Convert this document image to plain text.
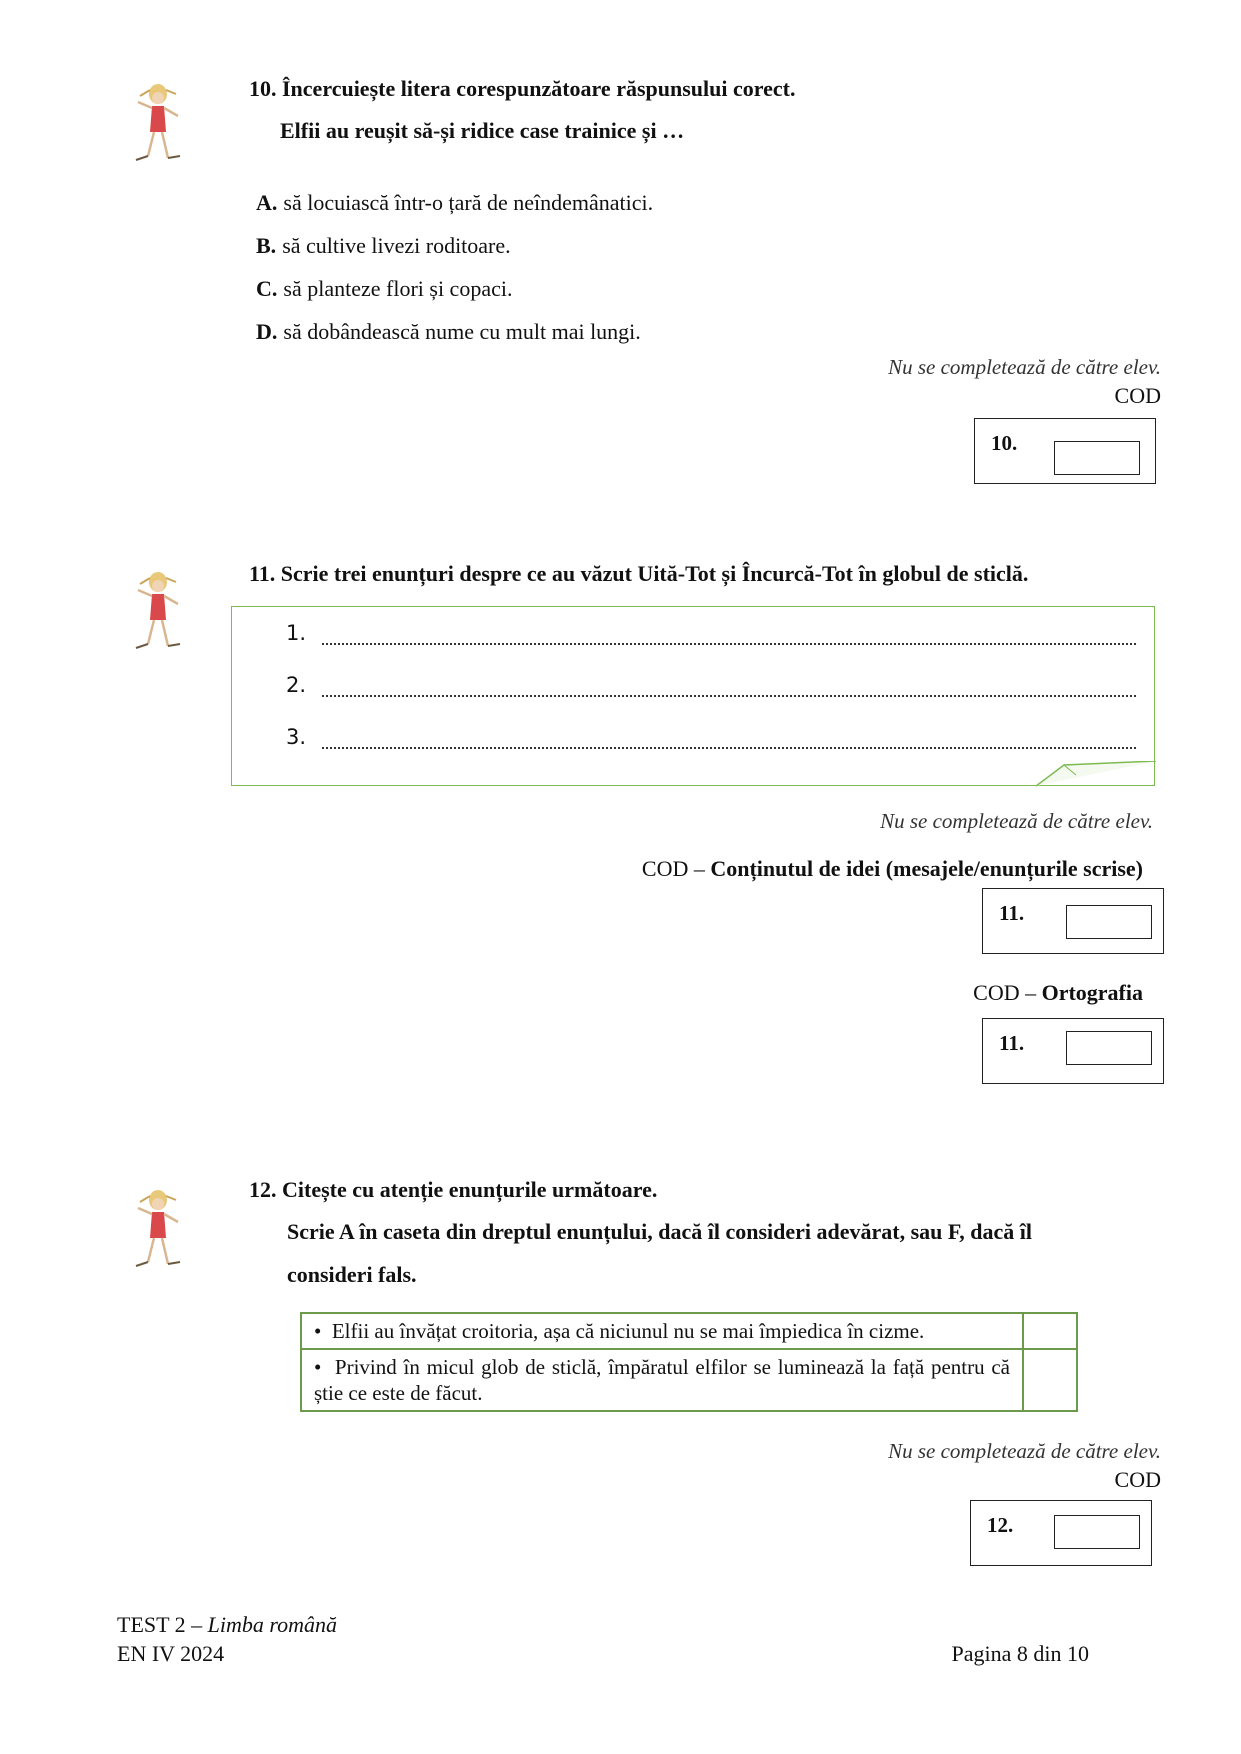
10. Încercuiește litera corespunzătoare răspunsului corect.
Elfii au reușit să-și ridice case trainice și …
A. să locuiască într-o țară de neîndemânatici.
B. să cultive livezi roditoare.
C. să planteze flori și copaci.
D. să dobândească nume cu mult mai lungi.
Nu se completează de către elev.
COD
10.
11. Scrie trei enunțuri despre ce au văzut Uită-Tot și Încurcă-Tot în globul de sticlă.
1.
2.
3.
Nu se completează de către elev.
COD – Conținutul de idei (mesajele/enunțurile scrise)
11.
COD – Ortografia
11.
12. Citește cu atenție enunțurile următoare.
Scrie A în caseta din dreptul enunțului, dacă îl consideri adevărat, sau F, dacă îl
consideri fals.
• Elfii au învățat croitoria, așa că niciunul nu se mai împiedica în cizme.	
• Privind în micul glob de sticlă, împăratul elfilor se luminează la față pentru că știe ce este de făcut.	
Nu se completează de către elev.
COD
12.
TEST 2 – Limba română
EN IV 2024	Pagina 8 din 10
